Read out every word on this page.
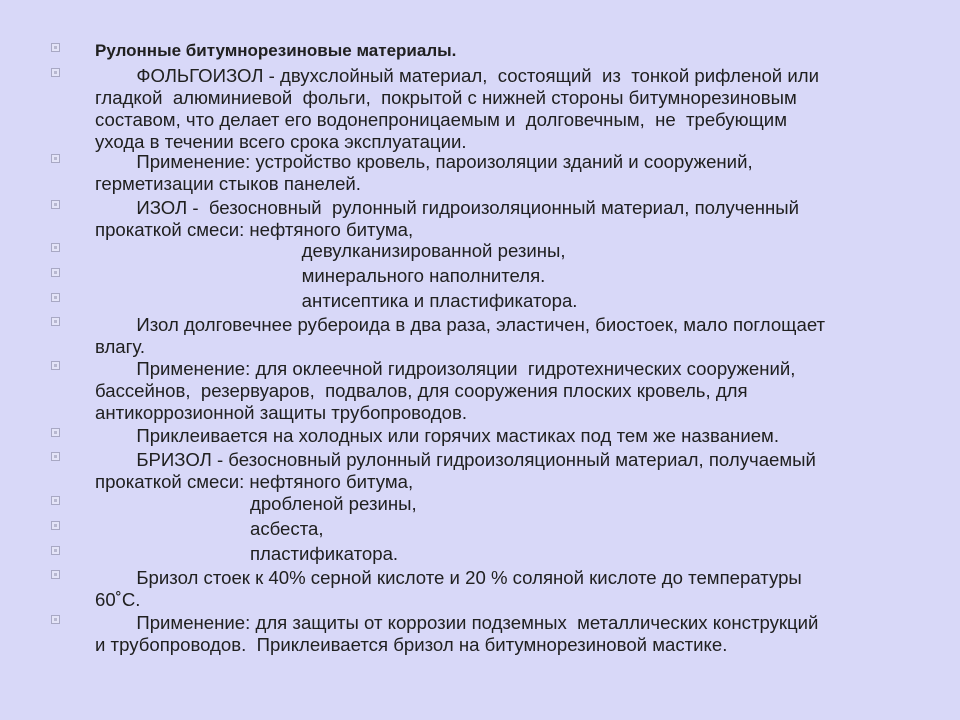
Рулонные битумнорезиновые материалы.
ФОЛЬГОИЗОЛ - двухслойный материал,  состоящий  из  тонкой рифленой или
гладкой  алюминиевой  фольги,  покрытой с нижней стороны битумнорезиновым
составом, что делает его водонепроницаемым и  долговечным,  не  требующим
ухода в течении всего срока эксплуатации.
Применение: устройство кровель, пароизоляции зданий и сооружений,
герметизации стыков панелей.
ИЗОЛ -  безосновный  рулонный гидроизоляционный материал, полученный
прокаткой смеси: нефтяного битума,
девулканизированной резины,
минерального наполнителя.
антисептика и пластификатора.
Изол долговечнее рубероида в два раза, эластичен, биостоек, мало поглощает
влагу.
Применение: для оклеечной гидроизоляции  гидротехнических сооружений,
бассейнов,  резервуаров,  подвалов, для сооружения плоских кровель, для
антикоррозионной защиты трубопроводов.
Приклеивается на холодных или горячих мастиках под тем же названием.
БРИЗОЛ - безосновный рулонный гидроизоляционный материал, получаемый
прокаткой смеси: нефтяного битума,
дробленой резины,
асбеста,
пластификатора.
Бризол стоек к 40% серной кислоте и 20 % соляной кислоте до температуры
60˚С.
Применение: для защиты от коррозии подземных  металлических конструкций
и трубопроводов.  Приклеивается бризол на битумнорезиновой мастике.
